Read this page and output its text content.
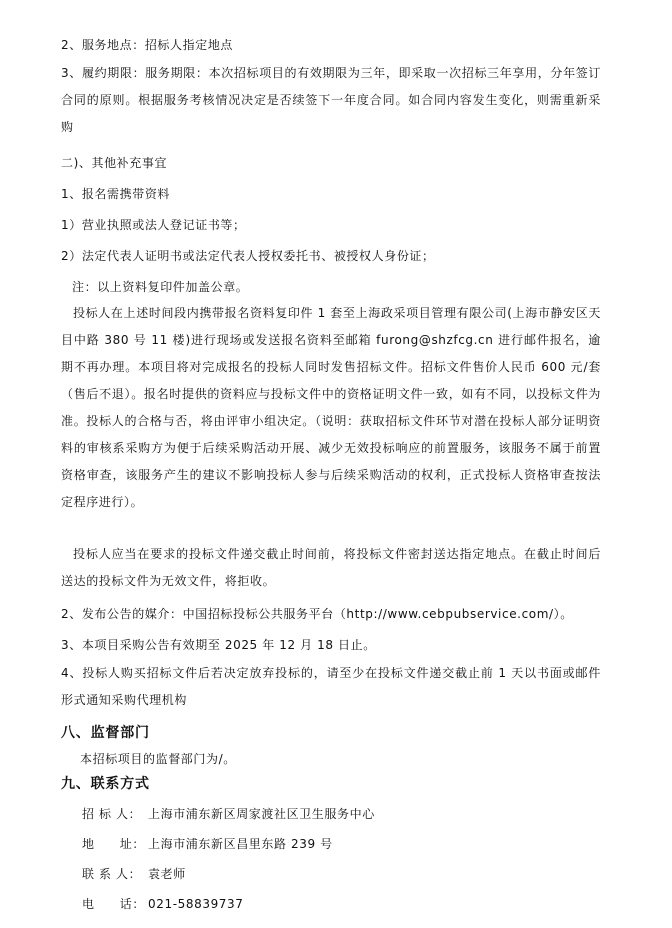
2、服务地点：招标人指定地点
3、履约期限：服务期限：本次招标项目的有效期限为三年，即采取一次招标三年享用，分年签订合同的原则。根据服务考核情况决定是否续签下一年度合同。如合同内容发生变化，则需重新采购
二)、其他补充事宜
1、报名需携带资料
1）营业执照或法人登记证书等；
2）法定代表人证明书或法定代表人授权委托书、被授权人身份证；
注：以上资料复印件加盖公章。
投标人在上述时间段内携带报名资料复印件 1 套至上海政采项目管理有限公司(上海市静安区天目中路 380 号 11 楼)进行现场或发送报名资料至邮箱 furong@shzfcg.cn 进行邮件报名，逾期不再办理。本项目将对完成报名的投标人同时发售招标文件。招标文件售价人民币 600 元/套（售后不退）。报名时提供的资料应与投标文件中的资格证明文件一致，如有不同，以投标文件为准。投标人的合格与否，将由评审小组决定。（说明：获取招标文件环节对潜在投标人部分证明资料的审核系采购方为便于后续采购活动开展、减少无效投标响应的前置服务，该服务不属于前置资格审查，该服务产生的建议不影响投标人参与后续采购活动的权利，正式投标人资格审查按法定程序进行）。
投标人应当在要求的投标文件递交截止时间前，将投标文件密封送达指定地点。在截止时间后送达的投标文件为无效文件，将拒收。
2、发布公告的媒介：中国招标投标公共服务平台（http://www.cebpubservice.com/）。
3、本项目采购公告有效期至 2025 年 12 月 18 日止。
4、投标人购买招标文件后若决定放弃投标的，请至少在投标文件递交截止前 1 天以书面或邮件形式通知采购代理机构
八、监督部门
本招标项目的监督部门为/。
九、联系方式
招 标 人： 上海市浦东新区周家渡社区卫生服务中心
地　　址： 上海市浦东新区昌里东路 239 号
联 系 人： 袁老师
电　　话： 021-58839737
